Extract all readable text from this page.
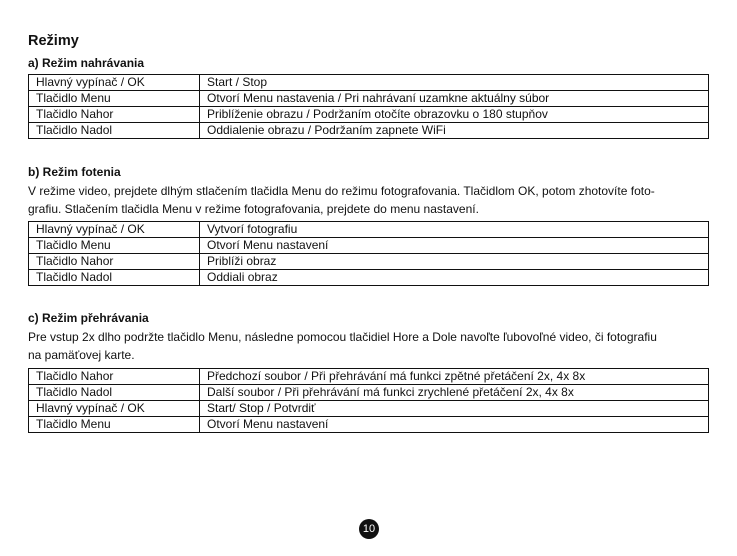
Režimy
a) Režim nahrávania
Hlavný vypínač / OK	Start / Stop
Tlačidlo Menu	Otvorí Menu nastavenia / Pri nahrávaní uzamkne aktuálny súbor
Tlačidlo Nahor	Priblíženie obrazu / Podržaním otočíte obrazovku o 180 stupňov
Tlačidlo Nadol	Oddialenie obrazu / Podržaním zapnete WiFi
b) Režim fotenia
V režime video, prejdete dlhým stlačením tlačidla Menu do režimu fotografovania. Tlačidlom OK, potom zhotovíte foto-
grafiu. Stlačením tlačidla Menu v režime fotografovania, prejdete do menu nastavení.
Hlavný vypínač / OK	Vytvorí fotografiu
Tlačidlo Menu	Otvorí Menu nastavení
Tlačidlo Nahor	Priblíži obraz
Tlačidlo Nadol	Oddiali obraz
c) Režim přehrávania
Pre vstup 2x dlho podržte tlačidlo Menu, následne pomocou tlačidiel Hore a Dole navoľte ľubovoľné video, či fotografiu
na pamäťovej karte.
Tlačidlo Nahor	Předchozí soubor / Při přehrávání má funkci zpětné přetáčení 2x, 4x 8x
Tlačidlo Nadol	Další soubor / Při přehrávání má funkci zrychlené přetáčení 2x, 4x 8x
Hlavný vypínač / OK	Start/ Stop / Potvrdiť
Tlačidlo Menu	Otvorí Menu nastavení
10
